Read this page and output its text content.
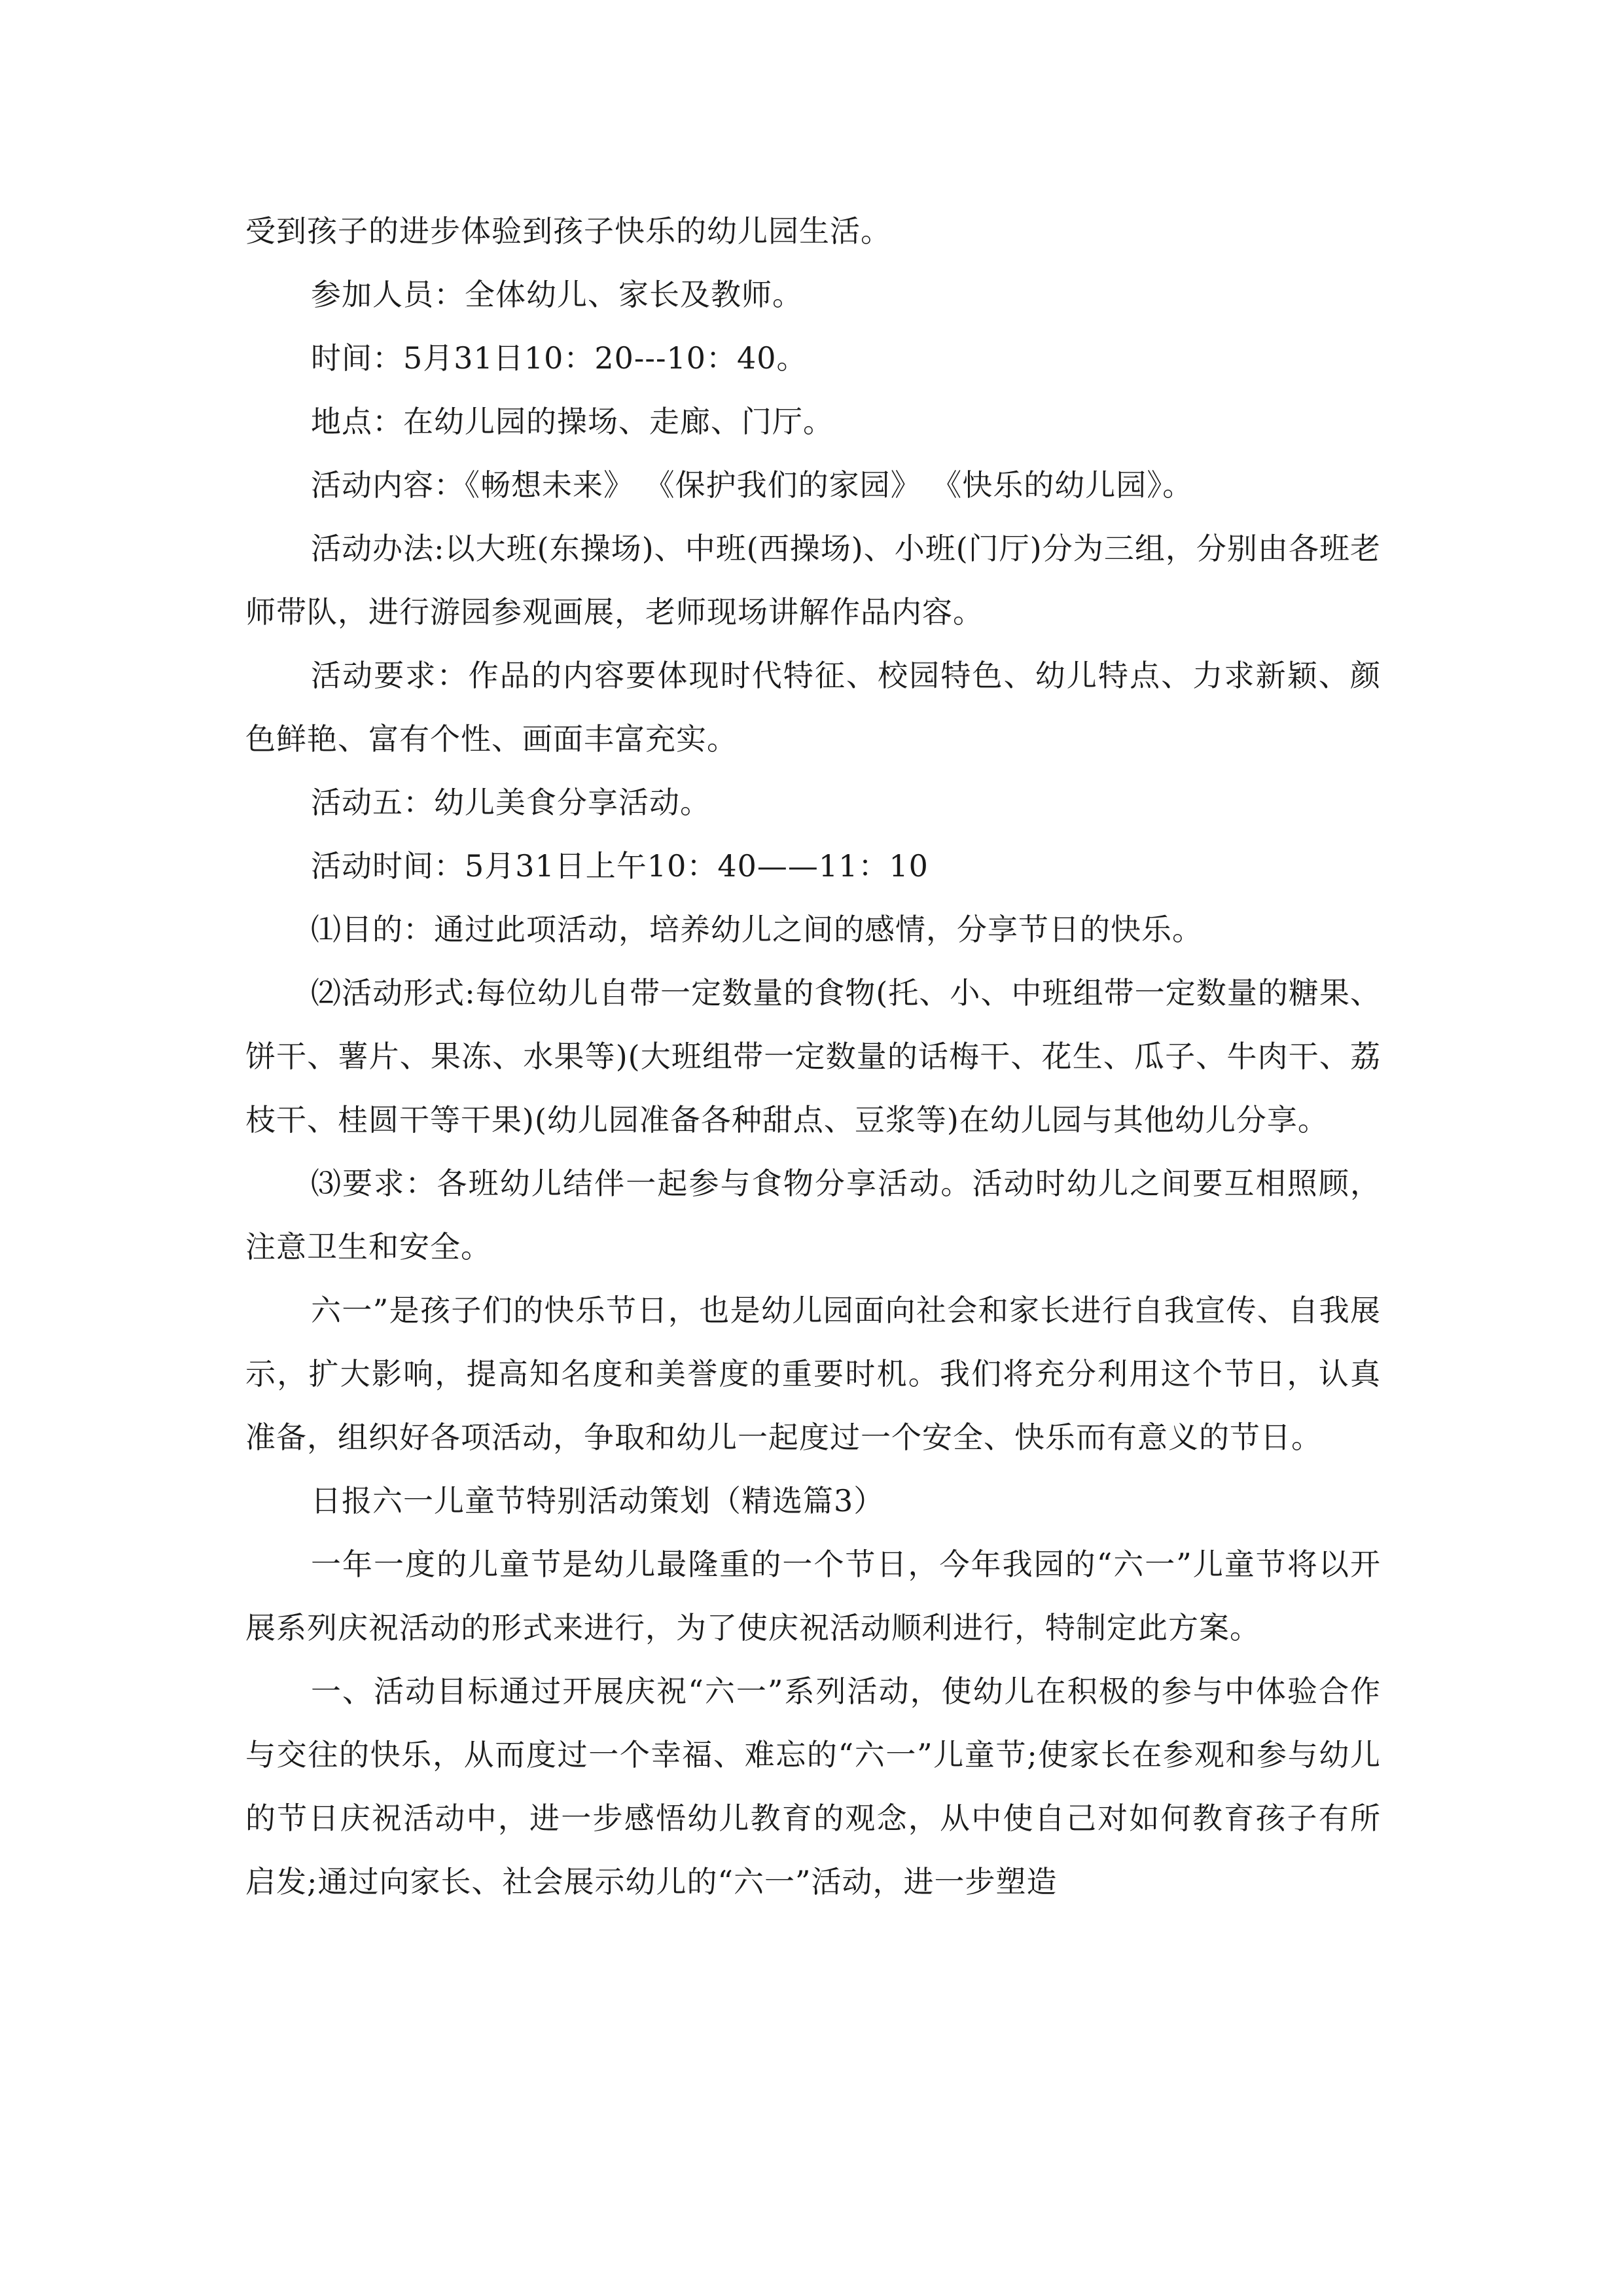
受到孩子的进步体验到孩子快乐的幼儿园生活。

参加人员：全体幼儿、家长及教师。

时间：5月31日10：20---10：40。

地点：在幼儿园的操场、走廊、门厅。

活动内容：《畅想未来》 《保护我们的家园》 《快乐的幼儿园》。

活动办法:以大班(东操场)、中班(西操场)、小班(门厅)分为三组，分别由各班老师带队，进行游园参观画展，老师现场讲解作品内容。

活动要求：作品的内容要体现时代特征、校园特色、幼儿特点、力求新颖、颜色鲜艳、富有个性、画面丰富充实。

活动五：幼儿美食分享活动。

活动时间：5月31日上午10：40——11：10

⑴目的：通过此项活动，培养幼儿之间的感情，分享节日的快乐。

⑵活动形式:每位幼儿自带一定数量的食物(托、小、中班组带一定数量的糖果、饼干、薯片、果冻、水果等)(大班组带一定数量的话梅干、花生、瓜子、牛肉干、荔枝干、桂圆干等干果)(幼儿园准备各种甜点、豆浆等)在幼儿园与其他幼儿分享。

⑶要求：各班幼儿结伴一起参与食物分享活动。活动时幼儿之间要互相照顾，注意卫生和安全。

六一”是孩子们的快乐节日，也是幼儿园面向社会和家长进行自我宣传、自我展示，扩大影响，提高知名度和美誉度的重要时机。我们将充分利用这个节日，认真准备，组织好各项活动，争取和幼儿一起度过一个安全、快乐而有意义的节日。

日报六一儿童节特别活动策划（精选篇3）

一年一度的儿童节是幼儿最隆重的一个节日，今年我园的“六一”儿童节将以开展系列庆祝活动的形式来进行，为了使庆祝活动顺利进行，特制定此方案。

一、活动目标通过开展庆祝“六一”系列活动，使幼儿在积极的参与中体验合作与交往的快乐，从而度过一个幸福、难忘的“六一”儿童节;使家长在参观和参与幼儿的节日庆祝活动中，进一步感悟幼儿教育的观念，从中使自己对如何教育孩子有所启发;通过向家长、社会展示幼儿的“六一”活动，进一步塑造
